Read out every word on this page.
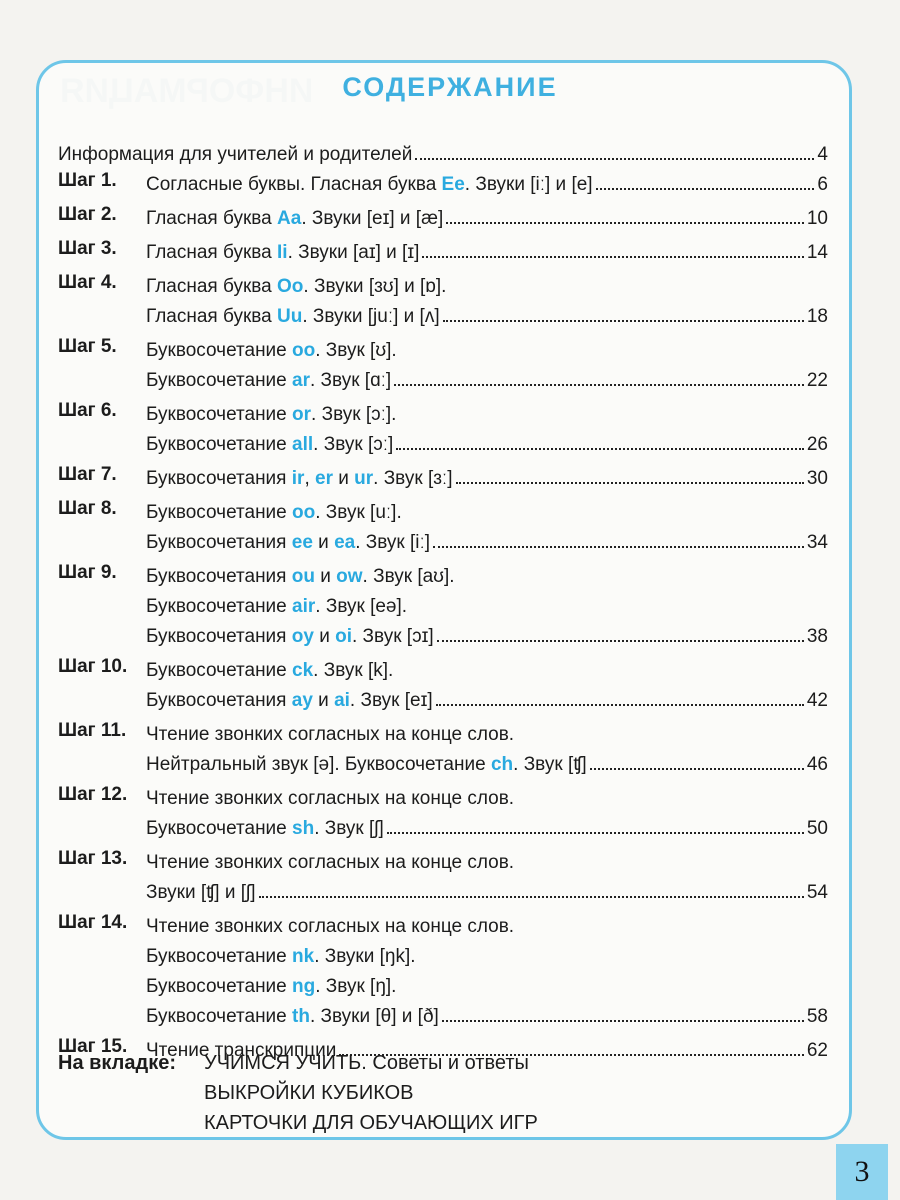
СОДЕРЖАНИЕ
Информация для учителей и родителей	4
Шаг 1.	Согласные буквы. Гласная буква Ee. Звуки [iː] и [e]	6
Шаг 2.	Гласная буква Aa. Звуки [eɪ] и [æ]	10
Шаг 3.	Гласная буква Ii. Звуки [aɪ] и [ɪ]	14
Шаг 4.	Гласная буква Oo. Звуки [ɜʊ] и [ɒ].
Гласная буква Uu. Звуки [juː] и [ʌ]	18
Шаг 5.	Буквосочетание oo. Звук [ʊ].
Буквосочетание ar. Звук [ɑː]	22
Шаг 6.	Буквосочетание or. Звук [ɔː].
Буквосочетание all. Звук [ɔː]	26
Шаг 7.	Буквосочетания ir, er и ur. Звук [ɜː]	30
Шаг 8.	Буквосочетание oo. Звук [uː].
Буквосочетания ee и ea. Звук [iː]	34
Шаг 9.	Буквосочетания ou и ow. Звук [aʊ].
Буквосочетание air. Звук [eə].
Буквосочетания oy и oi. Звук [ɔɪ]	38
Шаг 10. Буквосочетание ck. Звук [k].
Буквосочетания ay и ai. Звук [eɪ]	42
Шаг 11.	Чтение звонких согласных на конце слов.
Нейтральный звук [ə]. Буквосочетание ch. Звук [ʧ]	46
Шаг 12. Чтение звонких согласных на конце слов.
Буквосочетание sh. Звук [ʃ]	50
Шаг 13. Чтение звонких согласных на конце слов.
Звуки [ʧ] и [ʃ]	54
Шаг 14. Чтение звонких согласных на конце слов.
Буквосочетание nk. Звуки [ŋk].
Буквосочетание ng. Звук [ŋ].
Буквосочетание th. Звуки [θ] и [ð]	58
Шаг 15. Чтение транскрипции	62
На вкладке: УЧИМСЯ УЧИТЬ. Советы и ответы
ВЫКРОЙКИ КУБИКОВ
КАРТОЧКИ ДЛЯ ОБУЧАЮЩИХ ИГР
3
